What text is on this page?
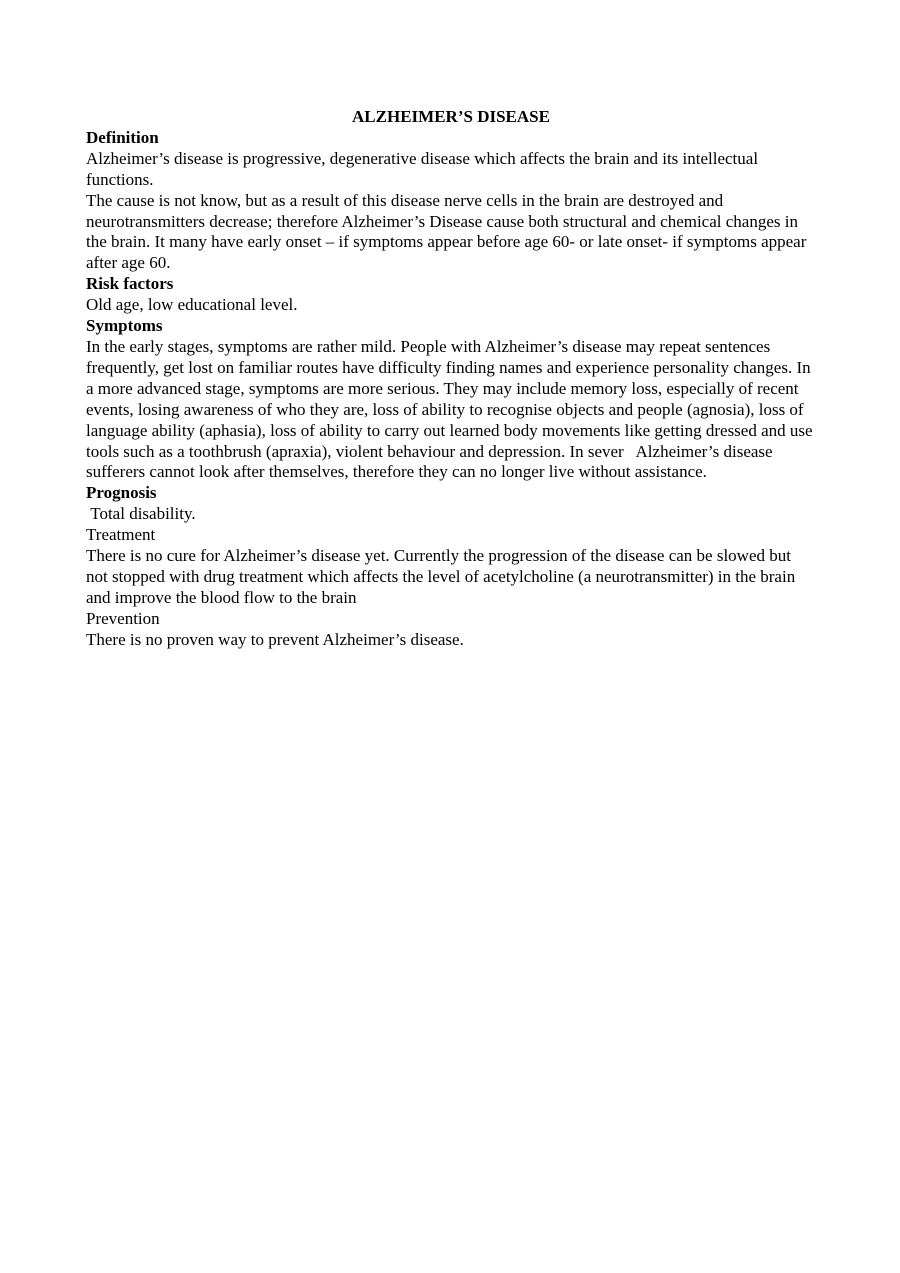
ALZHEIMER’S DISEASE

Definition

Alzheimer’s disease is progressive, degenerative disease which affects the brain and its intellectual functions.

The cause is not know, but as a result of this disease nerve cells in the brain are destroyed and neurotransmitters decrease; therefore Alzheimer’s Disease cause both structural and chemical changes in the brain. It many have early onset – if symptoms appear before age 60- or late onset- if symptoms appear after age 60.

Risk factors

Old age, low educational level.

Symptoms

In the early stages, symptoms are rather mild. People with Alzheimer’s disease may repeat sentences frequently, get lost on familiar routes have difficulty finding names and experience personality changes. In a more advanced stage, symptoms are more serious. They may include memory loss, especially of recent events, losing awareness of who they are, loss of ability to recognise objects and people (agnosia), loss of language ability (aphasia), loss of ability to carry out learned body movements like getting dressed and use tools such as a toothbrush (apraxia), violent behaviour and depression. In sever   Alzheimer’s disease sufferers cannot look after themselves, therefore they can no longer live without assistance.

Prognosis

Total disability.

Treatment

There is no cure for Alzheimer’s disease yet. Currently the progression of the disease can be slowed but not stopped with drug treatment which affects the level of acetylcholine (a neurotransmitter) in the brain and improve the blood flow to the brain

Prevention

There is no proven way to prevent Alzheimer’s disease.
